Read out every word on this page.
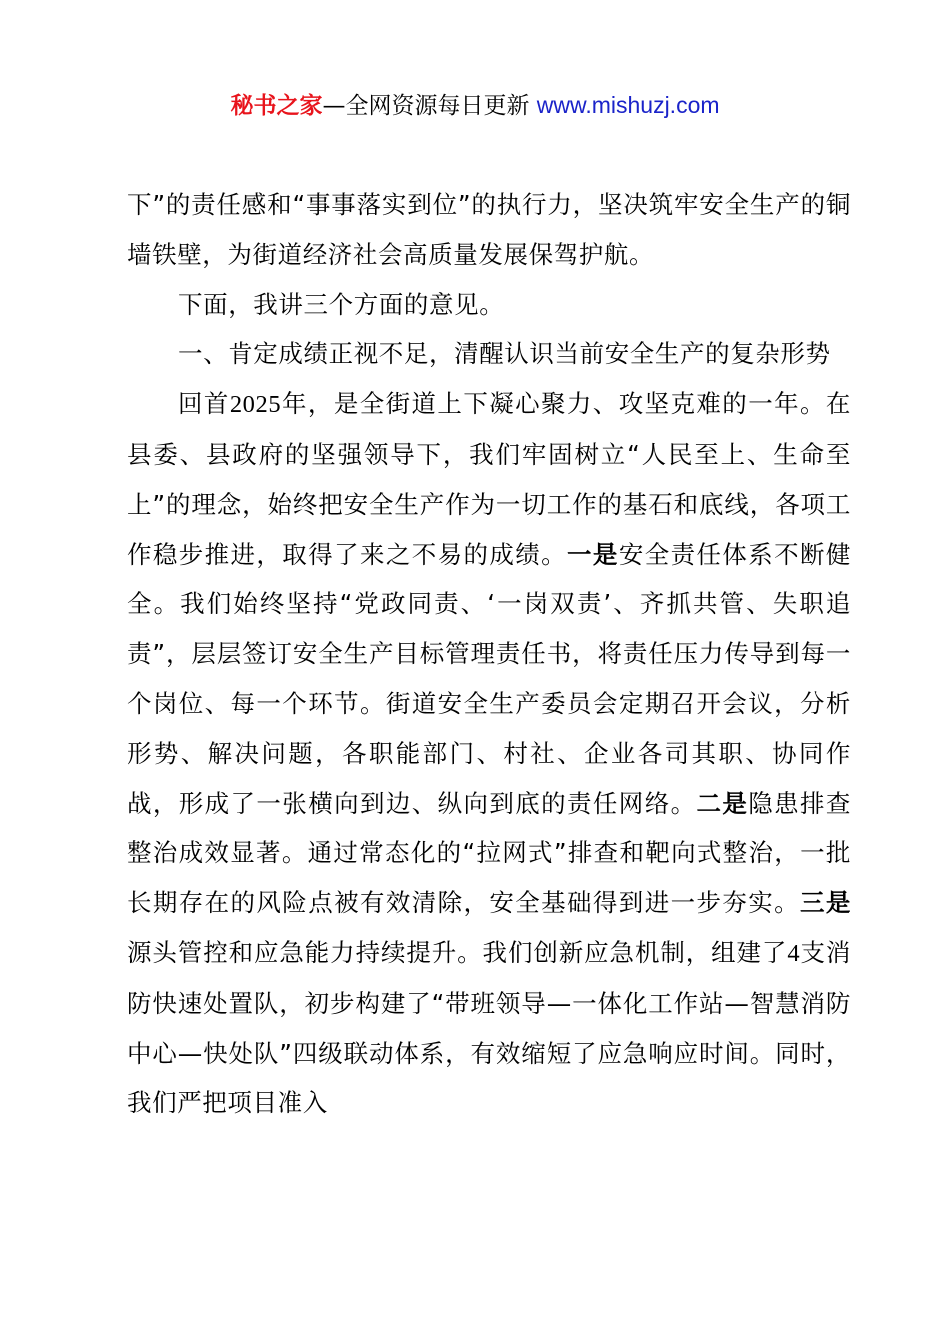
秘书之家—全网资源每日更新 www.mishuzj.com

下”的责任感和“事事落实到位”的执行力，坚决筑牢安全生产的铜墙铁壁，为街道经济社会高质量发展保驾护航。

下面，我讲三个方面的意见。

一、肯定成绩正视不足，清醒认识当前安全生产的复杂形势

回首2025年，是全街道上下凝心聚力、攻坚克难的一年。在县委、县政府的坚强领导下，我们牢固树立“人民至上、生命至上”的理念，始终把安全生产作为一切工作的基石和底线，各项工作稳步推进，取得了来之不易的成绩。一是安全责任体系不断健全。我们始终坚持“党政同责、‘一岗双责’、齐抓共管、失职追责”，层层签订安全生产目标管理责任书，将责任压力传导到每一个岗位、每一个环节。街道安全生产委员会定期召开会议，分析形势、解决问题，各职能部门、村社、企业各司其职、协同作战，形成了一张横向到边、纵向到底的责任网络。二是隐患排查整治成效显著。通过常态化的“拉网式”排查和靶向式整治，一批长期存在的风险点被有效清除，安全基础得到进一步夯实。三是源头管控和应急能力持续提升。我们创新应急机制，组建了4支消防快速处置队，初步构建了“带班领导—一体化工作站—智慧消防中心—快处队”四级联动体系，有效缩短了应急响应时间。同时，我们严把项目准入
